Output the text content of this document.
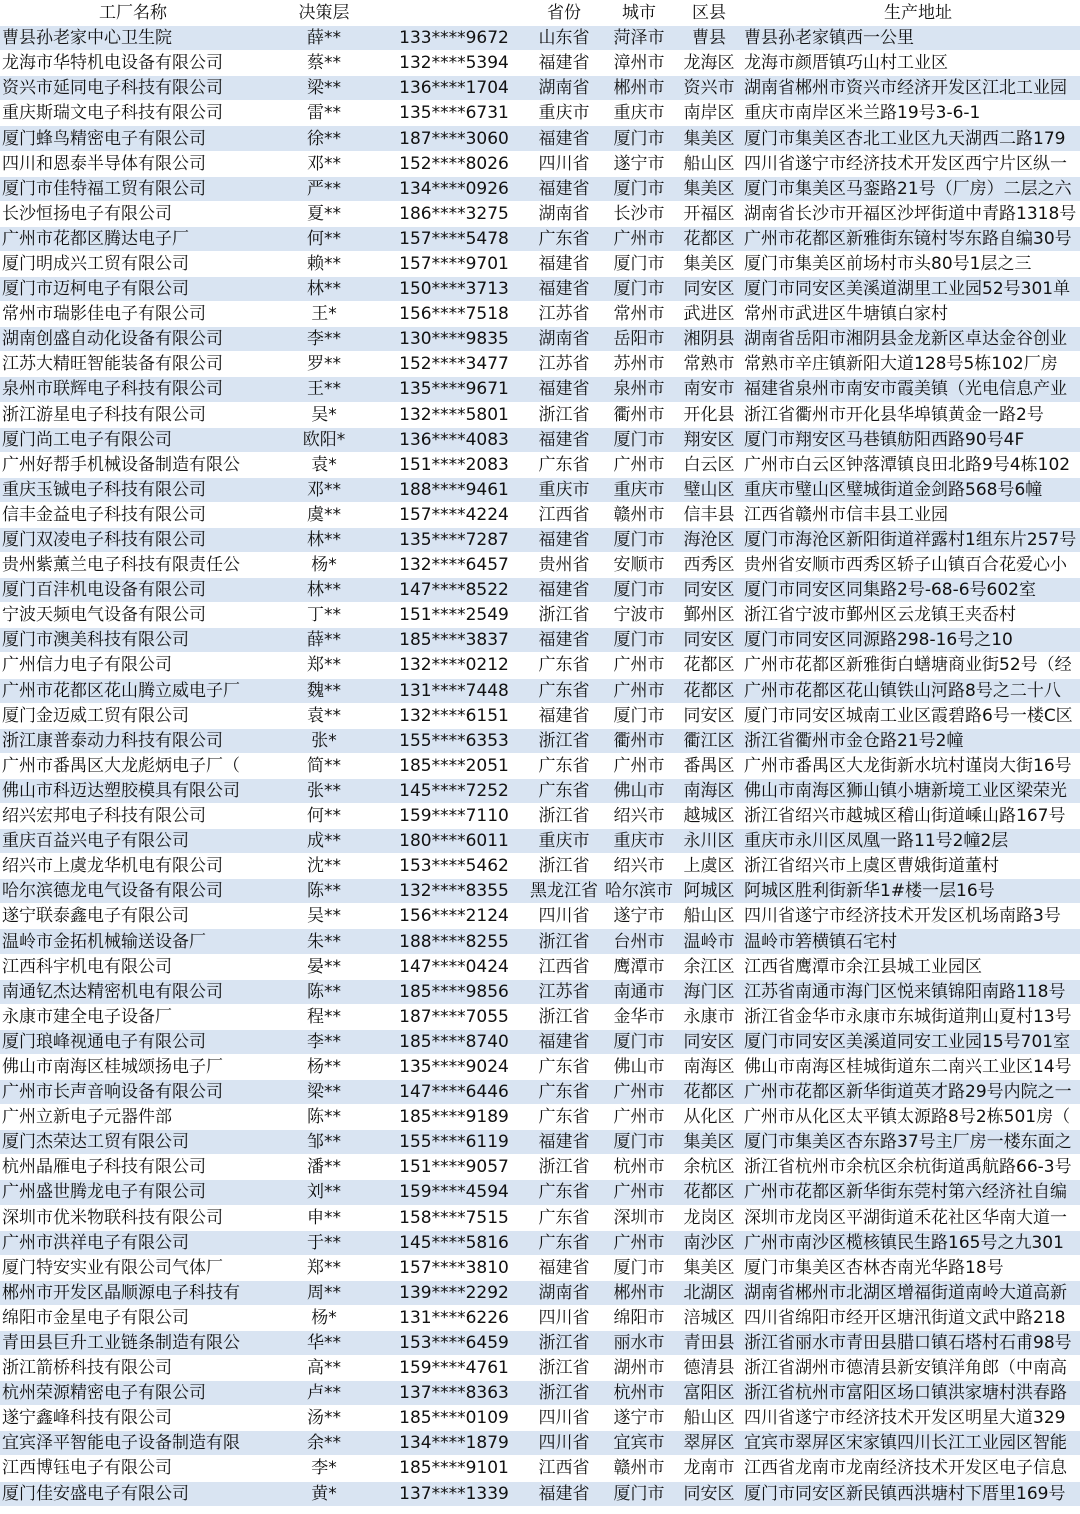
工厂名称	决策层		省份	城市	区县	生产地址
曹县孙老家中心卫生院	薛**	133****9672	山东省	菏泽市	曹县	曹县孙老家镇西一公里
龙海市华特机电设备有限公司	蔡**	132****5394	福建省	漳州市	龙海区	龙海市颜厝镇巧山村工业区
资兴市延同电子科技有限公司	梁**	136****1704	湖南省	郴州市	资兴市	湖南省郴州市资兴市经济开发区江北工业园
重庆斯瑞文电子科技有限公司	雷**	135****6731	重庆市	重庆市	南岸区	重庆市南岸区米兰路19号3-6-1
厦门蜂鸟精密电子有限公司	徐**	187****3060	福建省	厦门市	集美区	厦门市集美区杏北工业区九天湖西二路179
四川和恩泰半导体有限公司	邓**	152****8026	四川省	遂宁市	船山区	四川省遂宁市经济技术开发区西宁片区纵一
厦门市佳特福工贸有限公司	严**	134****0926	福建省	厦门市	集美区	厦门市集美区马銮路21号（厂房）二层之六
长沙恒扬电子有限公司	夏**	186****3275	湖南省	长沙市	开福区	湖南省长沙市开福区沙坪街道中青路1318号
广州市花都区腾达电子厂	何**	157****5478	广东省	广州市	花都区	广州市花都区新雅街东镜村岑东路自编30号
厦门明成兴工贸有限公司	赖**	157****9701	福建省	厦门市	集美区	厦门市集美区前场村市头80号1层之三
厦门市迈柯电子有限公司	林**	150****3713	福建省	厦门市	同安区	厦门市同安区美溪道湖里工业园52号301单
常州市瑞影佳电子有限公司	王*	156****7518	江苏省	常州市	武进区	常州市武进区牛塘镇白家村
湖南创盛自动化设备有限公司	李**	130****9835	湖南省	岳阳市	湘阴县	湖南省岳阳市湘阴县金龙新区卓达金谷创业
江苏大精旺智能装备有限公司	罗**	152****3477	江苏省	苏州市	常熟市	常熟市辛庄镇新阳大道128号5栋102厂房
泉州市联辉电子科技有限公司	王**	135****9671	福建省	泉州市	南安市	福建省泉州市南安市霞美镇（光电信息产业
浙江游星电子科技有限公司	吴*	132****5801	浙江省	衢州市	开化县	浙江省衢州市开化县华埠镇黄金一路2号
厦门尚工电子有限公司	欧阳*	136****4083	福建省	厦门市	翔安区	厦门市翔安区马巷镇舫阳西路90号4F
广州好帮手机械设备制造有限公	袁*	151****2083	广东省	广州市	白云区	广州市白云区钟落潭镇良田北路9号4栋102
重庆玉铖电子科技有限公司	邓**	188****9461	重庆市	重庆市	璧山区	重庆市璧山区璧城街道金剑路568号6幢
信丰金益电子科技有限公司	虞**	157****4224	江西省	赣州市	信丰县	江西省赣州市信丰县工业园
厦门双凌电子科技有限公司	林**	135****7287	福建省	厦门市	海沧区	厦门市海沧区新阳街道祥露村1组东片257号
贵州紫薰兰电子科技有限责任公	杨*	132****6457	贵州省	安顺市	西秀区	贵州省安顺市西秀区轿子山镇百合花爱心小
厦门百沣机电设备有限公司	林**	147****8522	福建省	厦门市	同安区	厦门市同安区同集路2号-68-6号602室
宁波天频电气设备有限公司	丁**	151****2549	浙江省	宁波市	鄞州区	浙江省宁波市鄞州区云龙镇王夹岙村
厦门市澳美科技有限公司	薛**	185****3837	福建省	厦门市	同安区	厦门市同安区同源路298-16号之10
广州信力电子有限公司	郑**	132****0212	广东省	广州市	花都区	广州市花都区新雅街白蟮塘商业街52号（经
广州市花都区花山腾立威电子厂	魏**	131****7448	广东省	广州市	花都区	广州市花都区花山镇铁山河路8号之二十八
厦门金迈威工贸有限公司	袁**	132****6151	福建省	厦门市	同安区	厦门市同安区城南工业区霞碧路6号一楼C区
浙江康普泰动力科技有限公司	张*	155****6353	浙江省	衢州市	衢江区	浙江省衢州市金仓路21号2幢
广州市番禺区大龙彪炳电子厂（	简**	185****2051	广东省	广州市	番禺区	广州市番禺区大龙街新水坑村谨岗大街16号
佛山市科迈达塑胶模具有限公司	张**	145****7252	广东省	佛山市	南海区	佛山市南海区狮山镇小塘新境工业区梁荣光
绍兴宏邦电子科技有限公司	何**	159****7110	浙江省	绍兴市	越城区	浙江省绍兴市越城区稽山街道嵊山路167号
重庆百益兴电子有限公司	成**	180****6011	重庆市	重庆市	永川区	重庆市永川区凤凰一路11号2幢2层
绍兴市上虞龙华机电有限公司	沈**	153****5462	浙江省	绍兴市	上虞区	浙江省绍兴市上虞区曹娥街道董村
哈尔滨德龙电气设备有限公司	陈**	132****8355	黑龙江省	哈尔滨市	阿城区	阿城区胜利街新华1#楼一层16号
遂宁联泰鑫电子有限公司	吴**	156****2124	四川省	遂宁市	船山区	四川省遂宁市经济技术开发区机场南路3号
温岭市金拓机械输送设备厂	朱**	188****8255	浙江省	台州市	温岭市	温岭市箬横镇石宅村
江西科宇机电有限公司	晏**	147****0424	江西省	鹰潭市	余江区	江西省鹰潭市余江县城工业园区
南通钇杰达精密机电有限公司	陈**	185****9856	江苏省	南通市	海门区	江苏省南通市海门区悦来镇锦阳南路118号
永康市建全电子设备厂	程**	187****7055	浙江省	金华市	永康市	浙江省金华市永康市东城街道荆山夏村13号
厦门琅峰视通电子有限公司	李**	185****8740	福建省	厦门市	同安区	厦门市同安区美溪道同安工业园15号701室
佛山市南海区桂城颂扬电子厂	杨**	135****9024	广东省	佛山市	南海区	佛山市南海区桂城街道东二南兴工业区14号
广州市长声音响设备有限公司	梁**	147****6446	广东省	广州市	花都区	广州市花都区新华街道英才路29号内院之一
广州立新电子元器件部	陈**	185****9189	广东省	广州市	从化区	广州市从化区太平镇太源路8号2栋501房（
厦门杰荣达工贸有限公司	邹**	155****6119	福建省	厦门市	集美区	厦门市集美区杏东路37号主厂房一楼东面之
杭州晶雁电子科技有限公司	潘**	151****9057	浙江省	杭州市	余杭区	浙江省杭州市余杭区余杭街道禹航路66-3号
广州盛世腾龙电子有限公司	刘**	159****4594	广东省	广州市	花都区	广州市花都区新华街东莞村第六经济社自编
深圳市优米物联科技有限公司	申**	158****7515	广东省	深圳市	龙岗区	深圳市龙岗区平湖街道禾花社区华南大道一
广州市洪祥电子有限公司	于**	145****5816	广东省	广州市	南沙区	广州市南沙区榄核镇民生路165号之九301
厦门特安实业有限公司气体厂	郑**	157****3810	福建省	厦门市	集美区	厦门市集美区杏林杏南光华路18号
郴州市开发区晶顺源电子科技有	周**	139****2292	湖南省	郴州市	北湖区	湖南省郴州市北湖区增福街道南岭大道高新
绵阳市金星电子有限公司	杨*	131****6226	四川省	绵阳市	涪城区	四川省绵阳市经开区塘汛街道文武中路218
青田县巨升工业链条制造有限公	华**	153****6459	浙江省	丽水市	青田县	浙江省丽水市青田县腊口镇石塔村石甫98号
浙江箭桥科技有限公司	高**	159****4761	浙江省	湖州市	德清县	浙江省湖州市德清县新安镇洋角郎（中南高
杭州荣源精密电子有限公司	卢**	137****8363	浙江省	杭州市	富阳区	浙江省杭州市富阳区场口镇洪家塘村洪春路
遂宁鑫峰科技有限公司	汤**	185****0109	四川省	遂宁市	船山区	四川省遂宁市经济技术开发区明星大道329
宜宾泽平智能电子设备制造有限	余**	134****1879	四川省	宜宾市	翠屏区	宜宾市翠屏区宋家镇四川长江工业园区智能
江西博钰电子有限公司	李*	185****9101	江西省	赣州市	龙南市	江西省龙南市龙南经济技术开发区电子信息
厦门佳安盛电子有限公司	黄*	137****1339	福建省	厦门市	同安区	厦门市同安区新民镇西洪塘村下厝里169号
